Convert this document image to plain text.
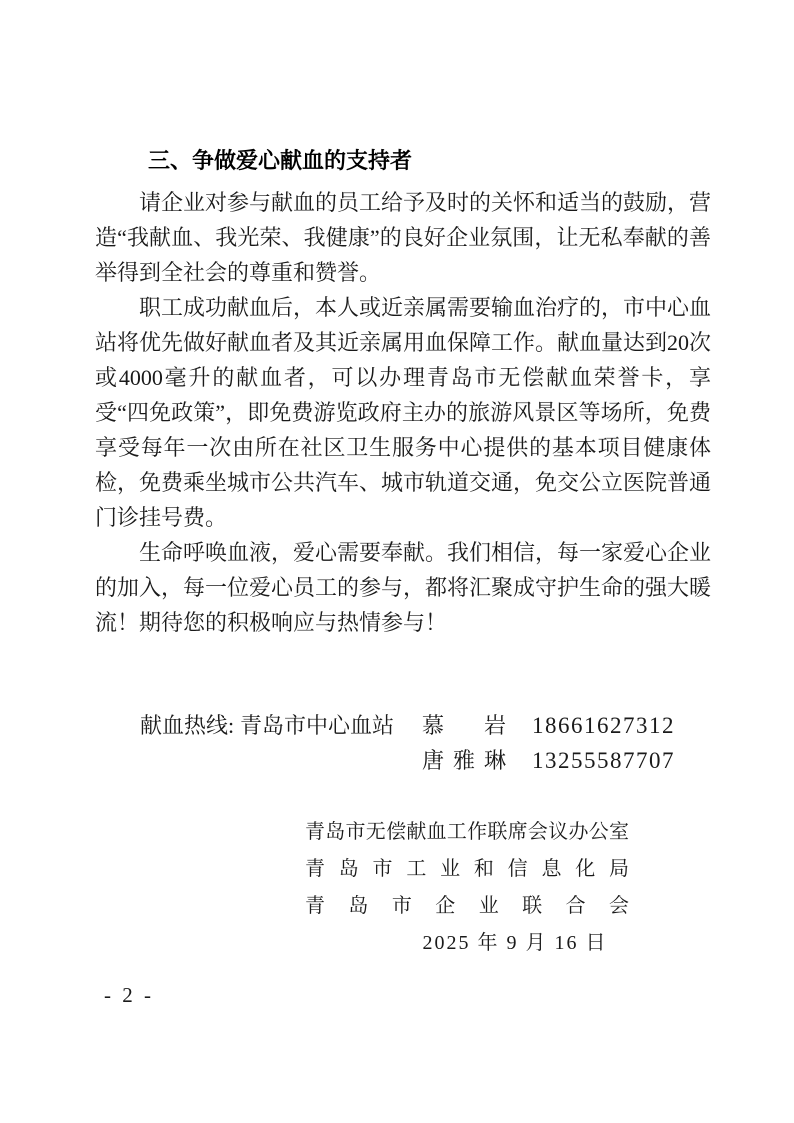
三、争做爱心献血的支持者

请企业对参与献血的员工给予及时的关怀和适当的鼓励，营造“我献血、我光荣、我健康”的良好企业氛围，让无私奉献的善举得到全社会的尊重和赞誉。

职工成功献血后，本人或近亲属需要输血治疗的，市中心血站将优先做好献血者及其近亲属用血保障工作。献血量达到20次或4000毫升的献血者，可以办理青岛市无偿献血荣誉卡，享受“四免政策”，即免费游览政府主办的旅游风景区等场所，免费享受每年一次由所在社区卫生服务中心提供的基本项目健康体检，免费乘坐城市公共汽车、城市轨道交通，免交公立医院普通门诊挂号费。

生命呼唤血液，爱心需要奉献。我们相信，每一家爱心企业的加入，每一位爱心员工的参与，都将汇聚成守护生命的强大暖流！期待您的积极响应与热情参与！

献血热线: 青岛市中心血站 慕岩 18661627312
唐雅琳 13255587707
青岛市无偿献血工作联席会议办公室
青岛市工业和信息化局
青岛市企业联合会
2025 年 9 月 16 日
- 2 -
